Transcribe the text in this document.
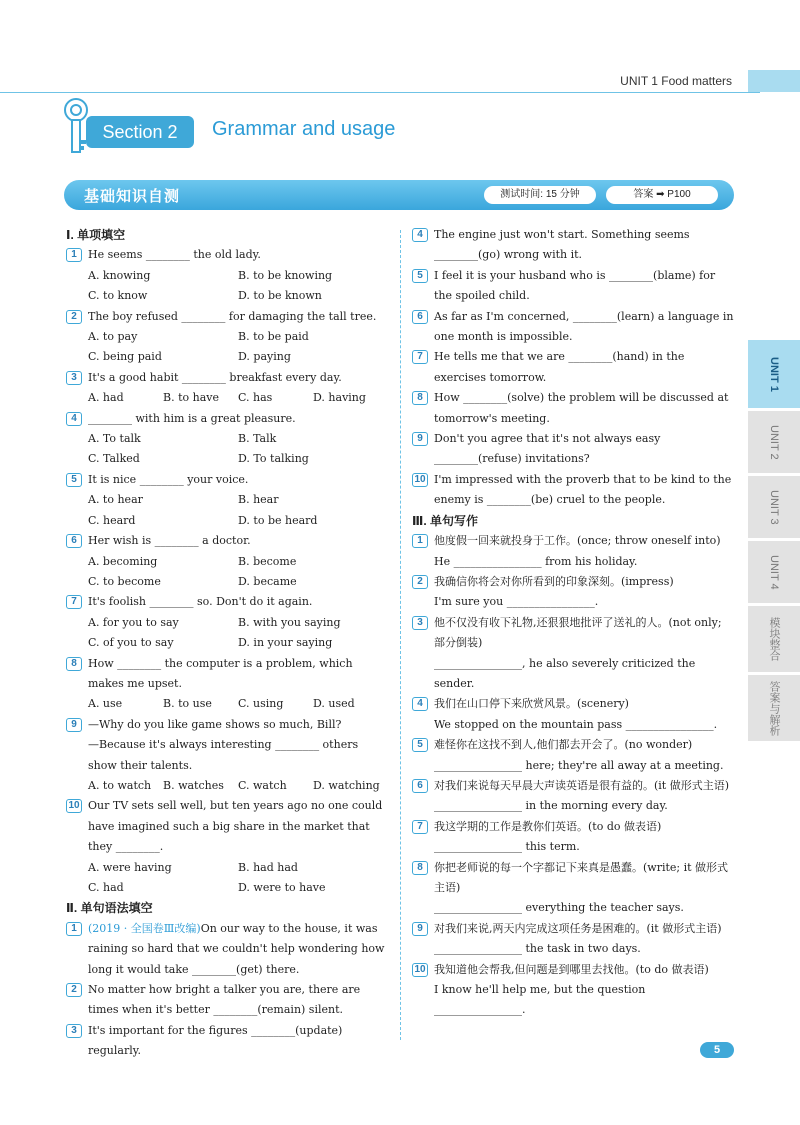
UNIT 1 Food matters
Section 2	Grammar and usage
基础知识自测	测试时间: 15 分钟	答案 ➡ P100
Ⅰ. 单项填空
1	He seems ________ the old lady.
A. knowing	B. to be knowing
C. to know	D. to be known
2	The boy refused ________ for damaging the tall tree.
A. to pay	B. to be paid
C. being paid	D. paying
3	It's a good habit ________ breakfast every day.
A. had	B. to have	C. has	D. having
4	________ with him is a great pleasure.
A. To talk	B. Talk
C. Talked	D. To talking
5	It is nice ________ your voice.
A. to hear	B. hear
C. heard	D. to be heard
6	Her wish is ________ a doctor.
A. becoming	B. become
C. to become	D. became
7	It's foolish ________ so. Don't do it again.
A. for you to say	B. with you saying
C. of you to say	D. in your saying
8	How ________ the computer is a problem, which makes me upset.
A. use	B. to use	C. using	D. used
9	—Why do you like game shows so much, Bill?
—Because it's always interesting ________ others show their talents.
A. to watch	B. watches	C. watch	D. watching
10 Our TV sets sell well, but ten years ago no one could have imagined such a big share in the market that they ________.
A. were having	B. had had
C. had	D. were to have
Ⅱ. 单句语法填空
1	(2019 · 全国卷Ⅲ改编)On our way to the house, it was raining so hard that we couldn't help wondering how long it would take ________(get) there.
2	No matter how bright a talker you are, there are times when it's better ________(remain) silent.
3	It's important for the figures ________(update) regularly.
4	The engine just won't start. Something seems ________(go) wrong with it.
5	I feel it is your husband who is ________(blame) for the spoiled child.
6	As far as I'm concerned, ________(learn) a language in one month is impossible.
7	He tells me that we are ________(hand) in the exercises tomorrow.
8	How ________(solve) the problem will be discussed at tomorrow's meeting.
9	Don't you agree that it's not always easy ________(refuse) invitations?
10 I'm impressed with the proverb that to be kind to the enemy is ________(be) cruel to the people.
Ⅲ. 单句写作
1	他度假一回来就投身于工作。(once; throw oneself into)
He ________________ from his holiday.
2	我确信你将会对你所看到的印象深刻。(impress)
I'm sure you ________________.
3	他不仅没有收下礼物,还狠狠地批评了送礼的人。(not only; 部分倒装)
________________, he also severely criticized the sender.
4	我们在山口停下来欣赏风景。(scenery)
We stopped on the mountain pass ________________.
5	难怪你在这找不到人,他们都去开会了。(no wonder)
________________ here; they're all away at a meeting.
6	对我们来说每天早晨大声读英语是很有益的。(it 做形式主语)
________________ in the morning every day.
7	我这学期的工作是教你们英语。(to do 做表语)
________________ this term.
8	你把老师说的每一个字都记下来真是愚蠢。(write; it 做形式主语)
________________ everything the teacher says.
9	对我们来说,两天内完成这项任务是困难的。(it 做形式主语)
________________ the task in two days.
10 我知道他会帮我,但问题是到哪里去找他。(to do 做表语)
I know he'll help me, but the question ________________.
UNIT 1
UNIT 2
UNIT 3
UNIT 4
模块整合
答案与解析
5
